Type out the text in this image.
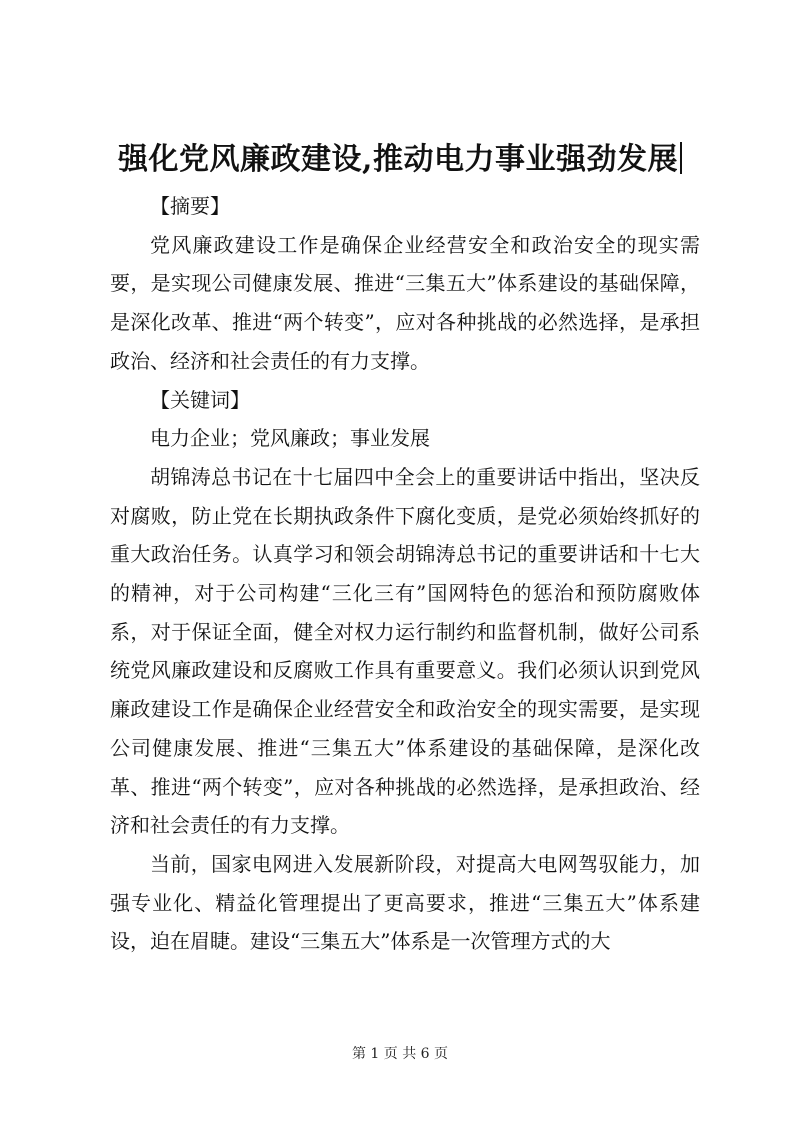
强化党风廉政建设,推动电力事业强劲发展

【摘要】

党风廉政建设工作是确保企业经营安全和政治安全的现实需要，是实现公司健康发展、推进“三集五大”体系建设的基础保障，是深化改革、推进“两个转变”，应对各种挑战的必然选择，是承担政治、经济和社会责任的有力支撑。

【关键词】

电力企业；党风廉政；事业发展

胡锦涛总书记在十七届四中全会上的重要讲话中指出，坚决反对腐败，防止党在长期执政条件下腐化变质，是党必须始终抓好的重大政治任务。认真学习和领会胡锦涛总书记的重要讲话和十七大的精神，对于公司构建“三化三有”国网特色的惩治和预防腐败体系，对于保证全面，健全对权力运行制约和监督机制，做好公司系统党风廉政建设和反腐败工作具有重要意义。我们必须认识到党风廉政建设工作是确保企业经营安全和政治安全的现实需要，是实现公司健康发展、推进“三集五大”体系建设的基础保障，是深化改革、推进“两个转变”，应对各种挑战的必然选择，是承担政治、经济和社会责任的有力支撑。

当前，国家电网进入发展新阶段，对提高大电网驾驭能力，加强专业化、精益化管理提出了更高要求，推进“三集五大”体系建设，迫在眉睫。建设“三集五大”体系是一次管理方式的大

第 1 页 共 6 页
